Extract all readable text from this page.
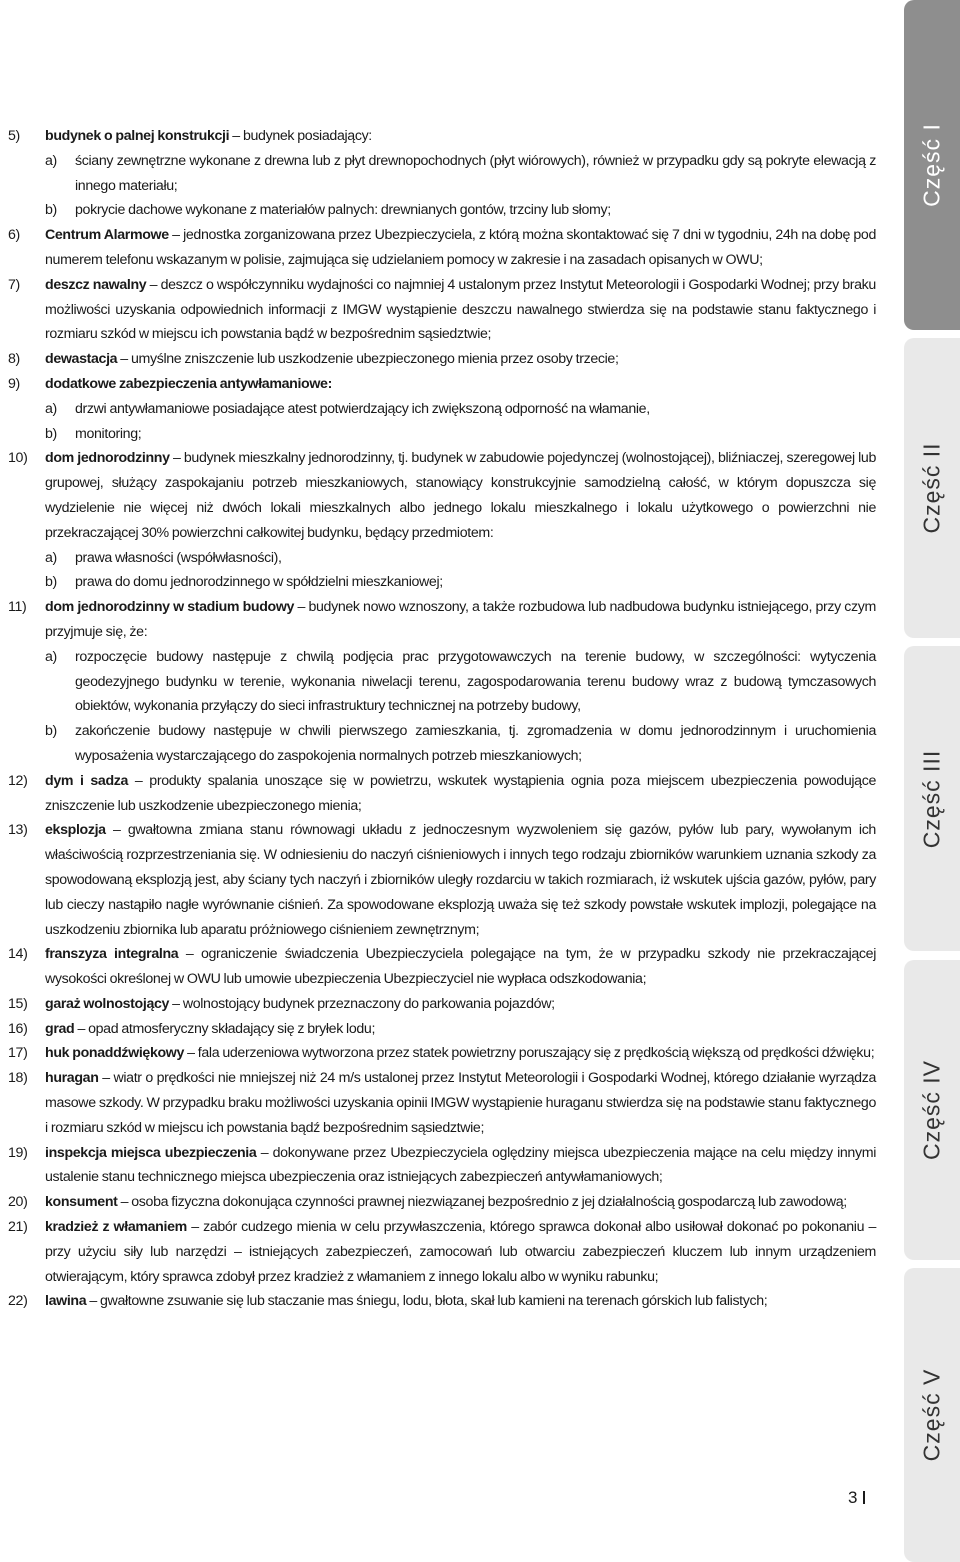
5)	budynek o palnej konstrukcji – budynek posiadający:
a)	ściany zewnętrzne wykonane z drewna lub z płyt drewnopochodnych (płyt wiórowych), również w przypadku gdy są pokryte elewacją z innego materiału;
b)	pokrycie dachowe wykonane z materiałów palnych: drewnianych gontów, trzciny lub słomy;
6)	Centrum Alarmowe – jednostka zorganizowana przez Ubezpieczyciela, z którą można skontaktować się 7 dni w tygodniu, 24h na dobę pod numerem telefonu wskazanym w polisie, zajmująca się udzielaniem pomocy w zakresie i na zasadach opisanych w OWU;
7)	deszcz nawalny – deszcz o współczynniku wydajności co najmniej 4 ustalonym przez Instytut Meteorologii i Gospodarki Wodnej; przy braku możliwości uzyskania odpowiednich informacji z IMGW wystąpienie deszczu nawalnego stwierdza się na podstawie stanu faktycznego i rozmiaru szkód w miejscu ich powstania bądź w bezpośrednim sąsiedztwie;
8)	dewastacja – umyślne zniszczenie lub uszkodzenie ubezpieczonego mienia przez osoby trzecie;
9)	dodatkowe zabezpieczenia antywłamaniowe:
a)	drzwi antywłamaniowe posiadające atest potwierdzający ich zwiększoną odporność na włamanie,
b)	monitoring;
10)	dom jednorodzinny – budynek mieszkalny jednorodzinny, tj. budynek w zabudowie pojedynczej (wolnostojącej), bliźniaczej, szeregowej lub grupowej, służący zaspokajaniu potrzeb mieszkaniowych, stanowiący konstrukcyjnie samodzielną całość, w którym dopuszcza się wydzielenie nie więcej niż dwóch lokali mieszkalnych albo jednego lokalu mieszkalnego i lokalu użytkowego o powierzchni nie przekraczającej 30% powierzchni całkowitej budynku, będący przedmiotem:
a)	prawa własności (współwłasności),
b)	prawa do domu jednorodzinnego w spółdzielni mieszkaniowej;
11)	dom jednorodzinny w stadium budowy – budynek nowo wznoszony, a także rozbudowa lub nadbudowa budynku istniejącego, przy czym przyjmuje się, że:
a)	rozpoczęcie budowy następuje z chwilą podjęcia prac przygotowawczych na terenie budowy, w szczególności: wytyczenia geodezyjnego budynku w terenie, wykonania niwelacji terenu, zagospodarowania terenu budowy wraz z budową tymczasowych obiektów, wykonania przyłączy do sieci infrastruktury technicznej na potrzeby budowy,
b)	zakończenie budowy następuje w chwili pierwszego zamieszkania, tj. zgromadzenia w domu jednorodzinnym i uruchomienia wyposażenia wystarczającego do zaspokojenia normalnych potrzeb mieszkaniowych;
12)	dym i sadza – produkty spalania unoszące się w powietrzu, wskutek wystąpienia ognia poza miejscem ubezpieczenia powodujące zniszczenie lub uszkodzenie ubezpieczonego mienia;
13)	eksplozja – gwałtowna zmiana stanu równowagi układu z jednoczesnym wyzwoleniem się gazów, pyłów lub pary, wywołanym ich właściwością rozprzestrzeniania się. W odniesieniu do naczyń ciśnieniowych i innych tego rodzaju zbiorników warunkiem uznania szkody za spowodowaną eksplozją jest, aby ściany tych naczyń i zbiorników uległy rozdarciu w takich rozmiarach, iż wskutek ujścia gazów, pyłów, pary lub cieczy nastąpiło nagłe wyrównanie ciśnień. Za spowodowane eksplozją uważa się też szkody powstałe wskutek implozji, polegające na uszkodzeniu zbiornika lub aparatu próżniowego ciśnieniem zewnętrznym;
14)	franszyza integralna – ograniczenie świadczenia Ubezpieczyciela polegające na tym, że w przypadku szkody nie przekraczającej wysokości określonej w OWU lub umowie ubezpieczenia Ubezpieczyciel nie wypłaca odszkodowania;
15)	garaż wolnostojący – wolnostojący budynek przeznaczony do parkowania pojazdów;
16)	grad – opad atmosferyczny składający się z bryłek lodu;
17)	huk ponaddźwiękowy – fala uderzeniowa wytworzona przez statek powietrzny poruszający się z prędkością większą od prędkości dźwięku;
18)	huragan – wiatr o prędkości nie mniejszej niż 24 m/s ustalonej przez Instytut Meteorologii i Gospodarki Wodnej, którego działanie wyrządza masowe szkody. W przypadku braku możliwości uzyskania opinii IMGW wystąpienie huraganu stwierdza się na podstawie stanu faktycznego i rozmiaru szkód w miejscu ich powstania bądź bezpośrednim sąsiedztwie;
19)	inspekcja miejsca ubezpieczenia – dokonywane przez Ubezpieczyciela oględziny miejsca ubezpieczenia mające na celu między innymi ustalenie stanu technicznego miejsca ubezpieczenia oraz istniejących zabezpieczeń antywłamaniowych;
20)	konsument – osoba fizyczna dokonująca czynności prawnej niezwiązanej bezpośrednio z jej działalnością gospodarczą lub zawodową;
21)	kradzież z włamaniem – zabór cudzego mienia w celu przywłaszczenia, którego sprawca dokonał albo usiłował dokonać po pokonaniu – przy użyciu siły lub narzędzi – istniejących zabezpieczeń, zamocowań lub otwarciu zabezpieczeń kluczem lub innym urządzeniem otwierającym, który sprawca zdobył przez kradzież z włamaniem z innego lokalu albo w wyniku rabunku;
22)	lawina – gwałtowne zsuwanie się lub staczanie mas śniegu, lodu, błota, skał lub kamieni na terenach górskich lub falistych;
Część I
Część II
Część III
Część IV
Część V
3
